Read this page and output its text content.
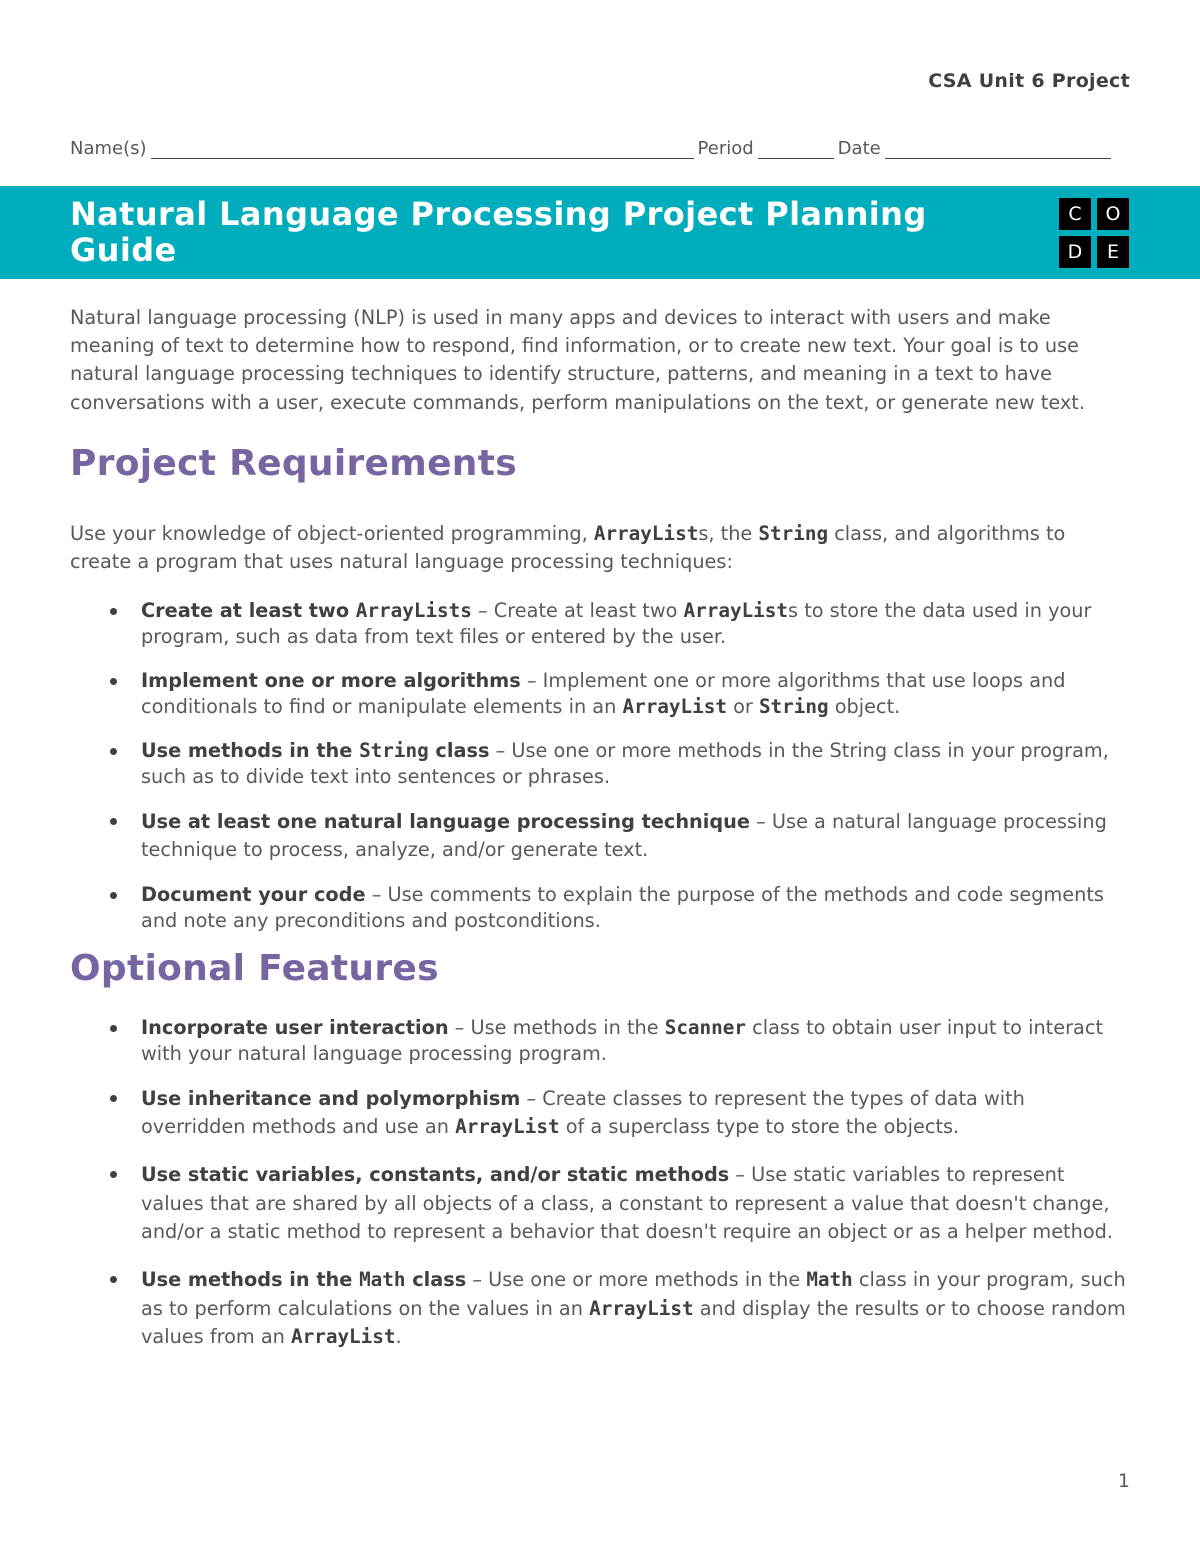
CSA Unit 6 Project
Name(s)	Period	Date
Natural Language Processing Project Planning Guide
C	O
D	E

Natural language processing (NLP) is used in many apps and devices to interact with users and make meaning of text to determine how to respond, find information, or to create new text. Your goal is to use natural language processing techniques to identify structure, patterns, and meaning in a text to have conversations with a user, execute commands, perform manipulations on the text, or generate new text.

Project Requirements

Use your knowledge of object-oriented programming, ArrayLists, the String class, and algorithms to create a program that uses natural language processing techniques:

Create at least two ArrayLists – Create at least two ArrayLists to store the data used in your program, such as data from text files or entered by the user.
Implement one or more algorithms – Implement one or more algorithms that use loops and conditionals to find or manipulate elements in an ArrayList or String object.
Use methods in the String class – Use one or more methods in the String class in your program, such as to divide text into sentences or phrases.
Use at least one natural language processing technique – Use a natural language processing technique to process, analyze, and/or generate text.
Document your code – Use comments to explain the purpose of the methods and code segments and note any preconditions and postconditions.
Optional Features
Incorporate user interaction – Use methods in the Scanner class to obtain user input to interact with your natural language processing program.
Use inheritance and polymorphism – Create classes to represent the types of data with overridden methods and use an ArrayList of a superclass type to store the objects.
Use static variables, constants, and/or static methods – Use static variables to represent values that are shared by all objects of a class, a constant to represent a value that doesn't change, and/or a static method to represent a behavior that doesn't require an object or as a helper method.
Use methods in the Math class – Use one or more methods in the Math class in your program, such as to perform calculations on the values in an ArrayList and display the results or to choose random values from an ArrayList.
1
